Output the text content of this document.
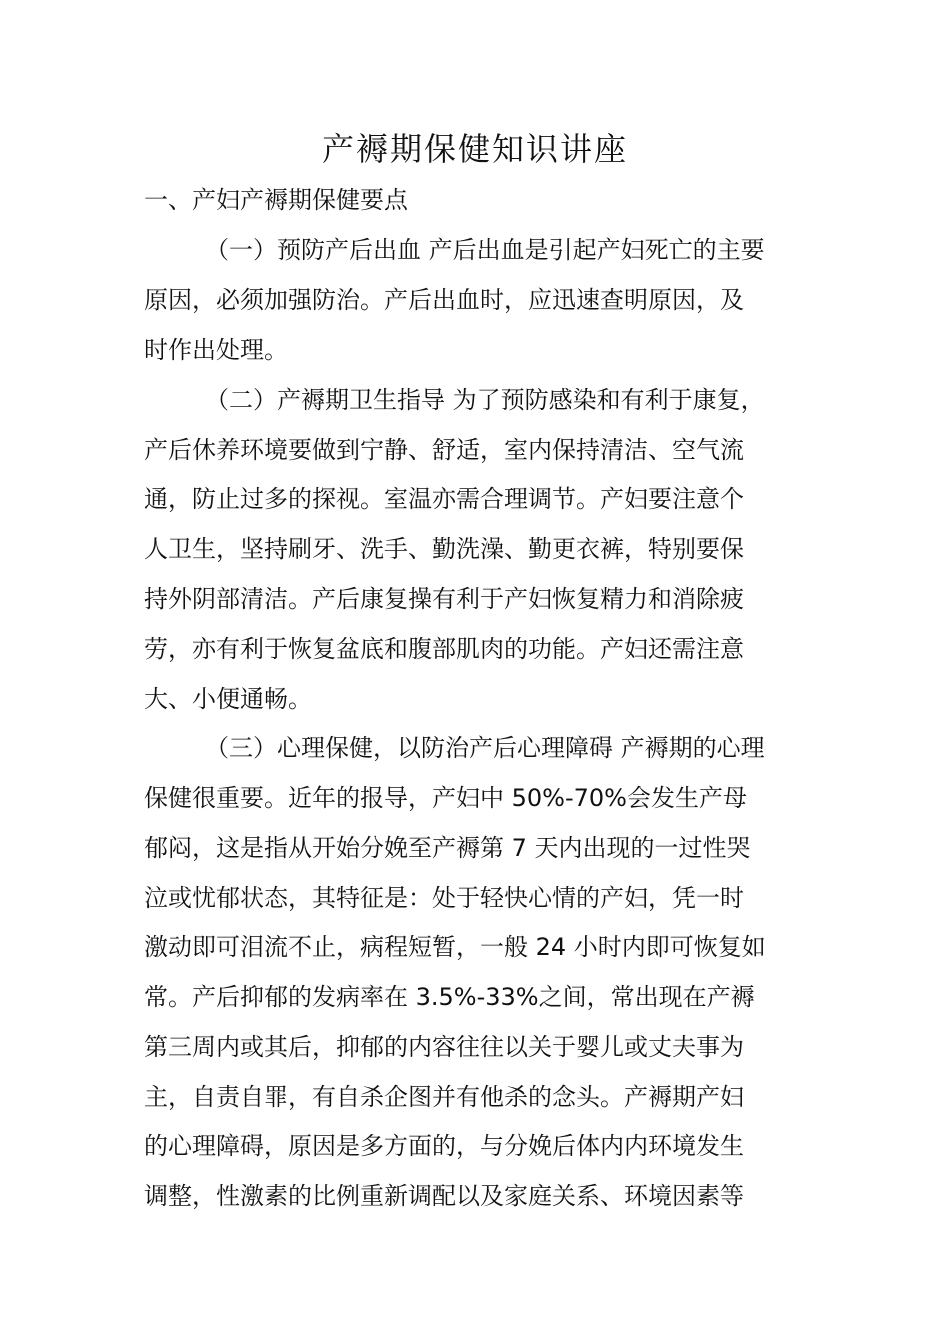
产褥期保健知识讲座
一、产妇产褥期保健要点
（一）预防产后出血 产后出血是引起产妇死亡的主要
原因，必须加强防治。产后出血时，应迅速查明原因，及
时作出处理。
（二）产褥期卫生指导 为了预防感染和有利于康复，
产后休养环境要做到宁静、舒适，室内保持清洁、空气流
通，防止过多的探视。室温亦需合理调节。产妇要注意个
人卫生，坚持刷牙、洗手、勤洗澡、勤更衣裤，特别要保
持外阴部清洁。产后康复操有利于产妇恢复精力和消除疲
劳，亦有利于恢复盆底和腹部肌肉的功能。产妇还需注意
大、小便通畅。
（三）心理保健，以防治产后心理障碍 产褥期的心理
保健很重要。近年的报导，产妇中 50%-70%会发生产母
郁闷，这是指从开始分娩至产褥第 7 天内出现的一过性哭
泣或忧郁状态，其特征是：处于轻快心情的产妇，凭一时
激动即可泪流不止，病程短暂，一般 24 小时内即可恢复如
常。产后抑郁的发病率在 3.5%-33%之间，常出现在产褥
第三周内或其后，抑郁的内容往往以关于婴儿或丈夫事为
主，自责自罪，有自杀企图并有他杀的念头。产褥期产妇
的心理障碍，原因是多方面的，与分娩后体内内环境发生
调整，性激素的比例重新调配以及家庭关系、环境因素等
